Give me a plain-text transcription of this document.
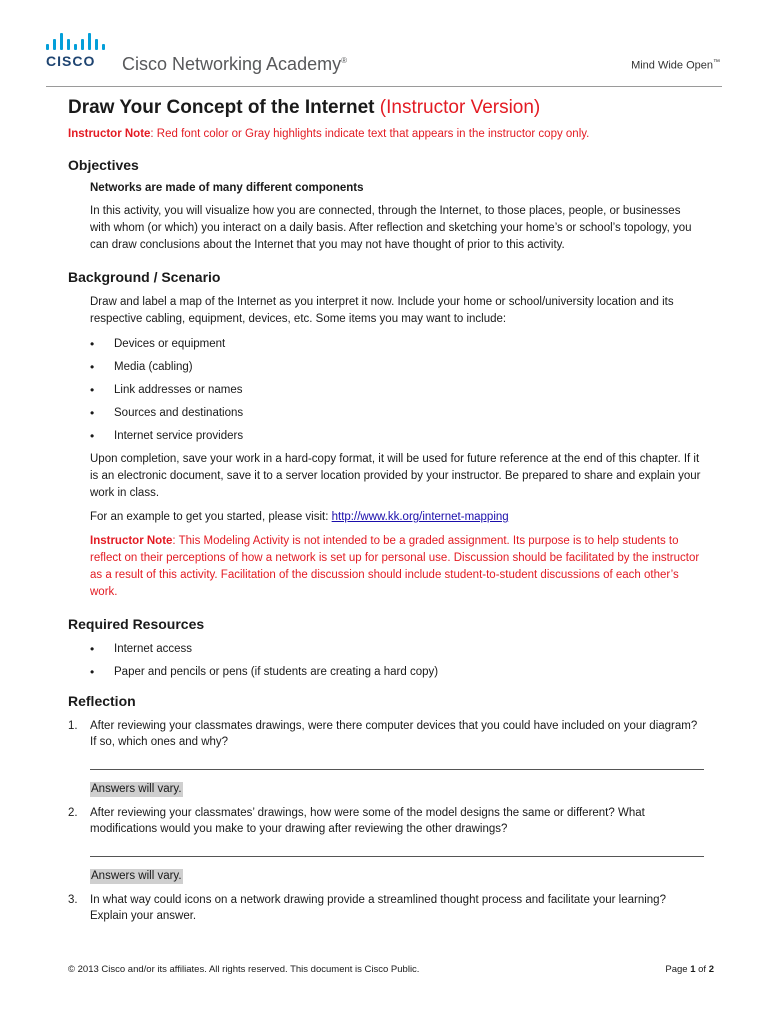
CISCO Cisco Networking Academy®	Mind Wide Open™
Draw Your Concept of the Internet (Instructor Version)
Instructor Note: Red font color or Gray highlights indicate text that appears in the instructor copy only.
Objectives
Networks are made of many different components
In this activity, you will visualize how you are connected, through the Internet, to those places, people, or businesses with whom (or which) you interact on a daily basis. After reflection and sketching your home’s or school’s topology, you can draw conclusions about the Internet that you may not have thought of prior to this activity.
Background / Scenario
Draw and label a map of the Internet as you interpret it now. Include your home or school/university location and its respective cabling, equipment, devices, etc. Some items you may want to include:
• Devices or equipment
• Media (cabling)
• Link addresses or names
• Sources and destinations
• Internet service providers
Upon completion, save your work in a hard-copy format, it will be used for future reference at the end of this chapter. If it is an electronic document, save it to a server location provided by your instructor. Be prepared to share and explain your work in class.
For an example to get you started, please visit: http://www.kk.org/internet-mapping
Instructor Note: This Modeling Activity is not intended to be a graded assignment. Its purpose is to help students to reflect on their perceptions of how a network is set up for personal use. Discussion should be facilitated by the instructor as a result of this activity. Facilitation of the discussion should include student-to-student discussions of each other’s work.
Required Resources
• Internet access
• Paper and pencils or pens (if students are creating a hard copy)
Reflection
1. After reviewing your classmates drawings, were there computer devices that you could have included on your diagram? If so, which ones and why?
Answers will vary.
2. After reviewing your classmates’ drawings, how were some of the model designs the same or different? What modifications would you make to your drawing after reviewing the other drawings?
Answers will vary.
3. In what way could icons on a network drawing provide a streamlined thought process and facilitate your learning? Explain your answer.
© 2013 Cisco and/or its affiliates. All rights reserved. This document is Cisco Public.	Page 1 of 2
